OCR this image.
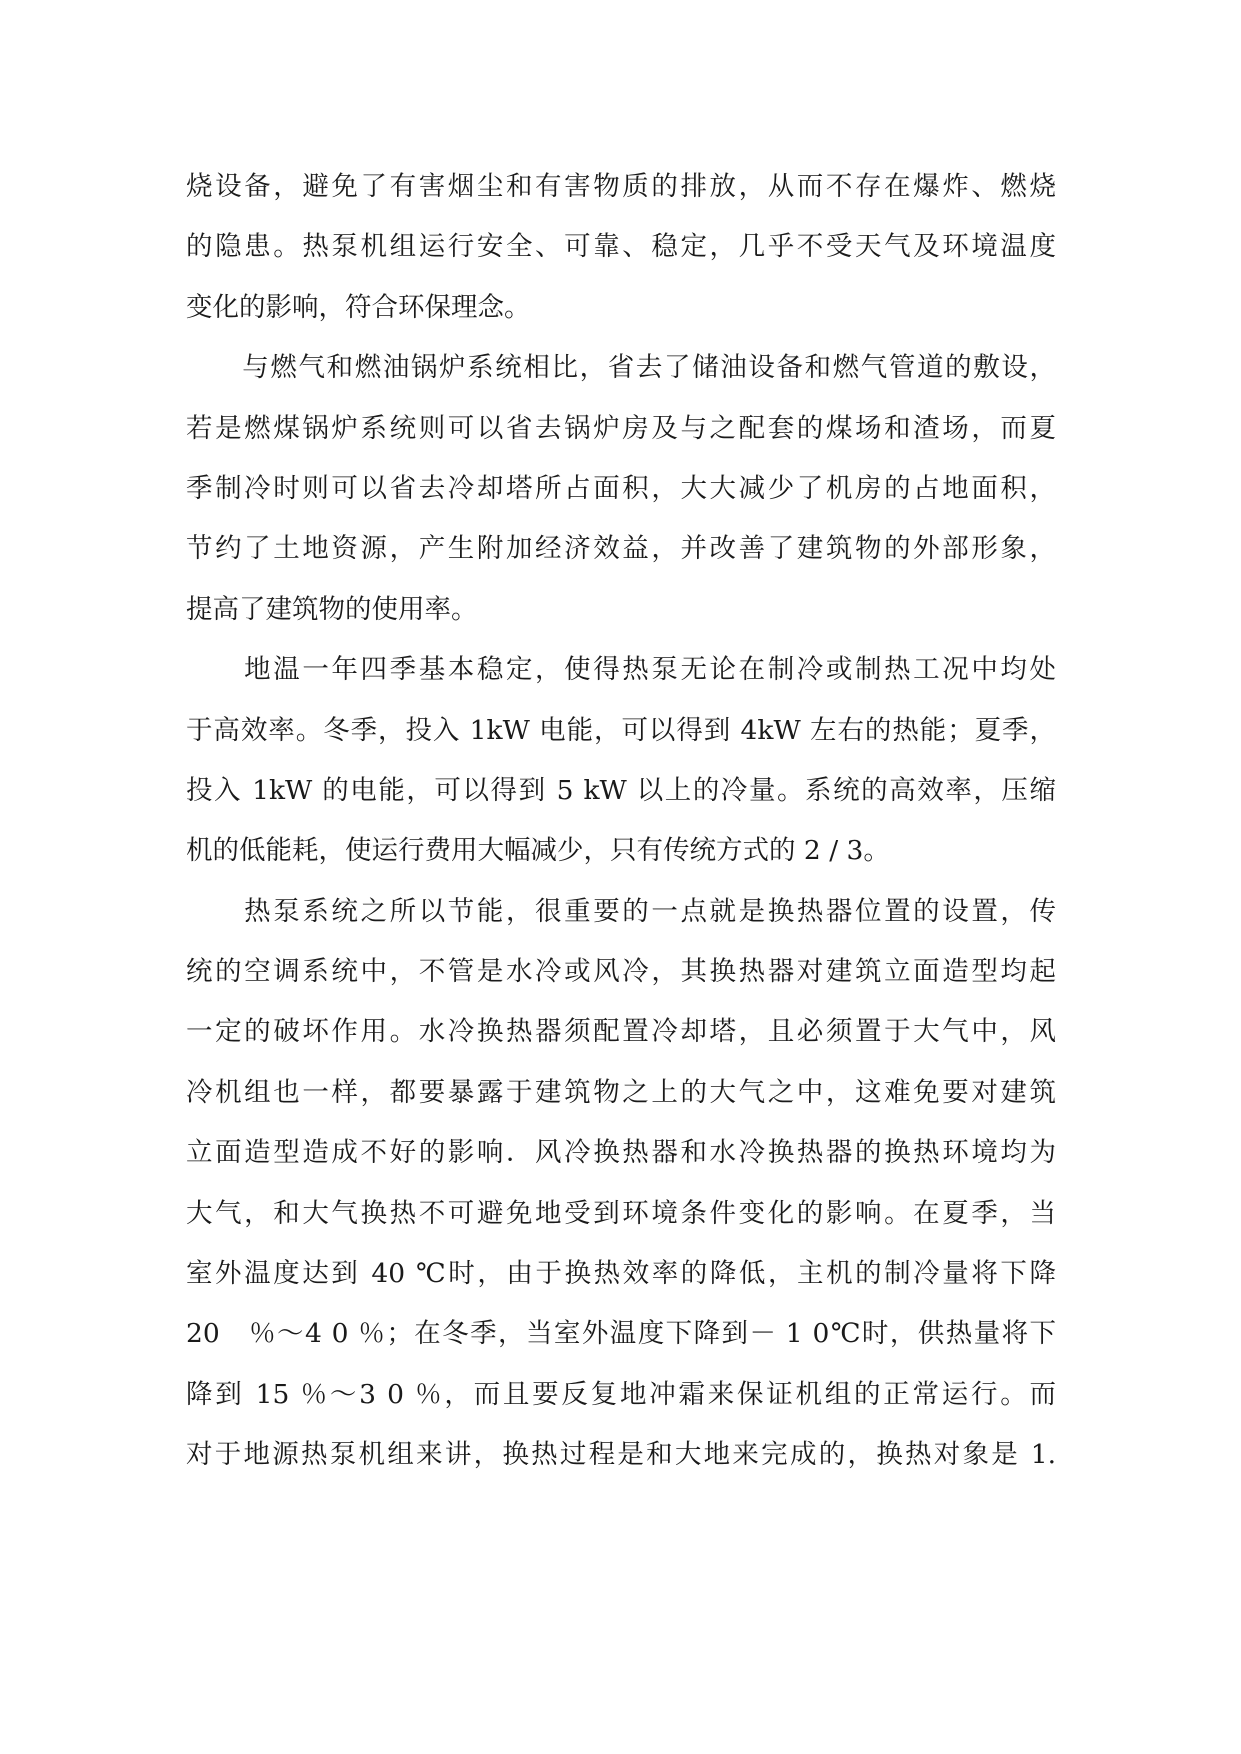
烧设备，避免了有害烟尘和有害物质的排放，从而不存在爆炸、燃烧
的隐患。热泵机组运行安全、可靠、稳定，几乎不受天气及环境温度
变化的影响，符合环保理念。
　　与燃气和燃油锅炉系统相比，省去了储油设备和燃气管道的敷设，
若是燃煤锅炉系统则可以省去锅炉房及与之配套的煤场和渣场，而夏
季制冷时则可以省去冷却塔所占面积，大大减少了机房的占地面积，
节约了土地资源，产生附加经济效益，并改善了建筑物的外部形象，
提高了建筑物的使用率。
　　地温一年四季基本稳定，使得热泵无论在制冷或制热工况中均处
于高效率。冬季，投入 1kW 电能，可以得到 4kW 左右的热能；夏季，
投入 1kW 的电能，可以得到 5 kW 以上的冷量。系统的高效率，压缩
机的低能耗，使运行费用大幅减少，只有传统方式的 2 / 3。
　　热泵系统之所以节能，很重要的一点就是换热器位置的设置，传
统的空调系统中，不管是水冷或风冷，其换热器对建筑立面造型均起
一定的破坏作用。水冷换热器须配置冷却塔，且必须置于大气中，风
冷机组也一样，都要暴露于建筑物之上的大气之中，这难免要对建筑
立面造型造成不好的影响．风冷换热器和水冷换热器的换热环境均为
大气，和大气换热不可避免地受到环境条件变化的影响。在夏季，当
室外温度达到 40 ℃时，由于换热效率的降低，主机的制冷量将下降
20　％～4 0 ％；在冬季，当室外温度下降到－ 1 0℃时，供热量将下
降到 15 ％～3 0 ％，而且要反复地冲霜来保证机组的正常运行。而
对于地源热泵机组来讲，换热过程是和大地来完成的，换热对象是 1.
